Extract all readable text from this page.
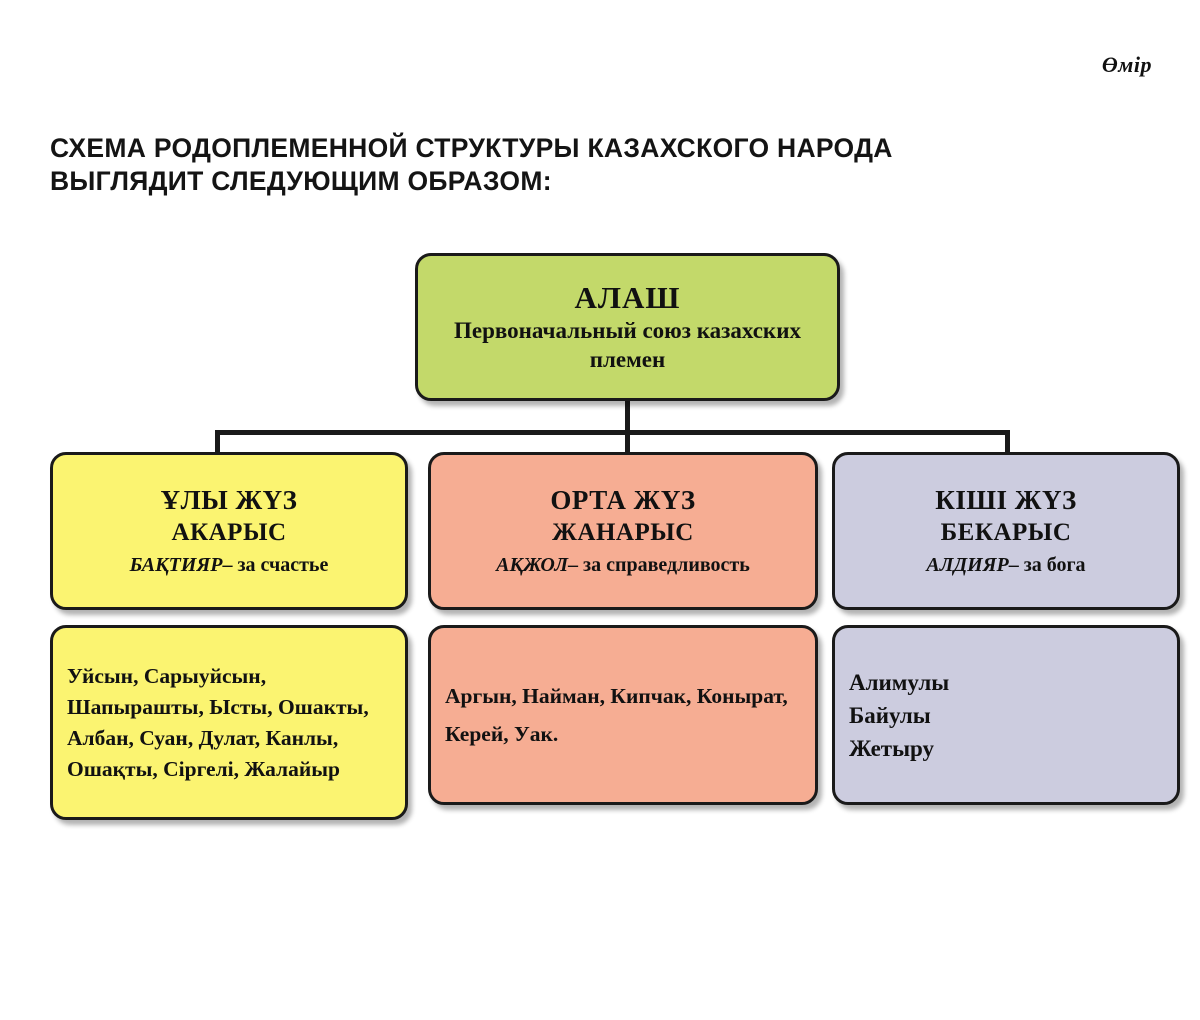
Өмір
СХЕМА РОДОПЛЕМЕННОЙ СТРУКТУРЫ КАЗАХСКОГО НАРОДА
ВЫГЛЯДИТ СЛЕДУЮЩИМ ОБРАЗОМ:
АЛАШ
Первоначальный союз казахских племен
ҰЛЫ ЖҮЗ
АКАРЫС
БАҚТИЯР– за счастье
Уйсын, Сарыуйсын, Шапырашты, Ысты, Ошакты, Албан, Суан, Дулат, Канлы, Ошақты, Сіргелі, Жалайыр
ОРТА ЖҮЗ
ЖАНАРЫС
АҚЖОЛ– за справедливость
Аргын, Найман, Кипчак, Конырат, Керей, Уак.
КІШІ ЖҮЗ
БЕКАРЫС
АЛДИЯР– за бога
Алимулы
Байулы
Жетыру
